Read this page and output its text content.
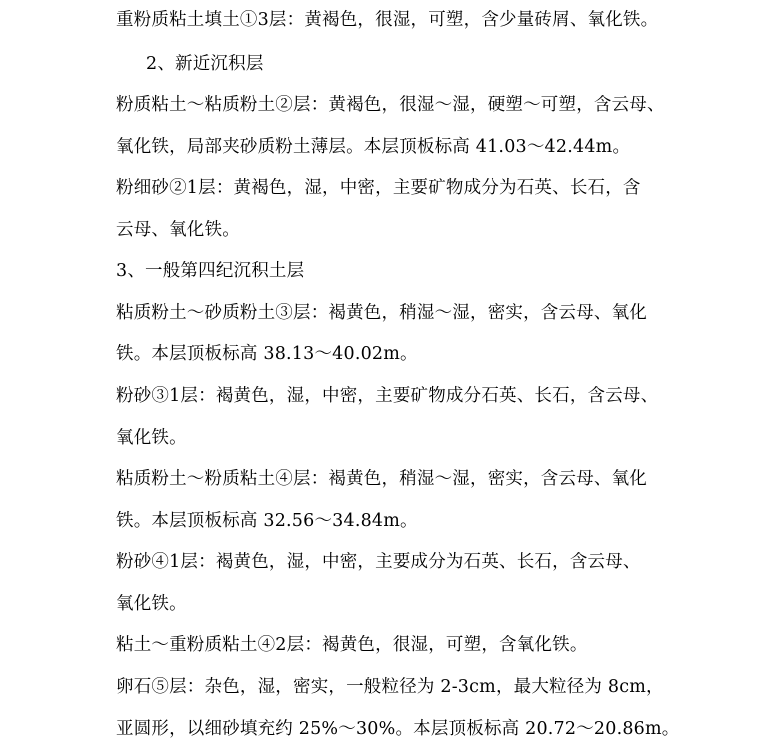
重粉质粘土填土①3层：黄褐色，很湿，可塑，含少量砖屑、氧化铁。
2、新近沉积层
粉质粘土～粘质粉土②层：黄褐色，很湿～湿，硬塑～可塑，含云母、
氧化铁，局部夹砂质粉土薄层。本层顶板标高 41.03～42.44m。
粉细砂②1层：黄褐色，湿，中密，主要矿物成分为石英、长石，含
云母、氧化铁。
3、一般第四纪沉积土层
粘质粉土～砂质粉土③层：褐黄色，稍湿～湿，密实，含云母、氧化
铁。本层顶板标高 38.13～40.02m。
粉砂③1层：褐黄色，湿，中密，主要矿物成分石英、长石，含云母、
氧化铁。
粘质粉土～粉质粘土④层：褐黄色，稍湿～湿，密实，含云母、氧化
铁。本层顶板标高 32.56～34.84m。
粉砂④1层：褐黄色，湿，中密，主要成分为石英、长石，含云母、
氧化铁。
粘土～重粉质粘土④2层：褐黄色，很湿，可塑，含氧化铁。
卵石⑤层：杂色，湿，密实，一般粒径为 2-3cm，最大粒径为 8cm，
亚圆形，以细砂填充约 25%～30%。本层顶板标高 20.72～20.86m。
